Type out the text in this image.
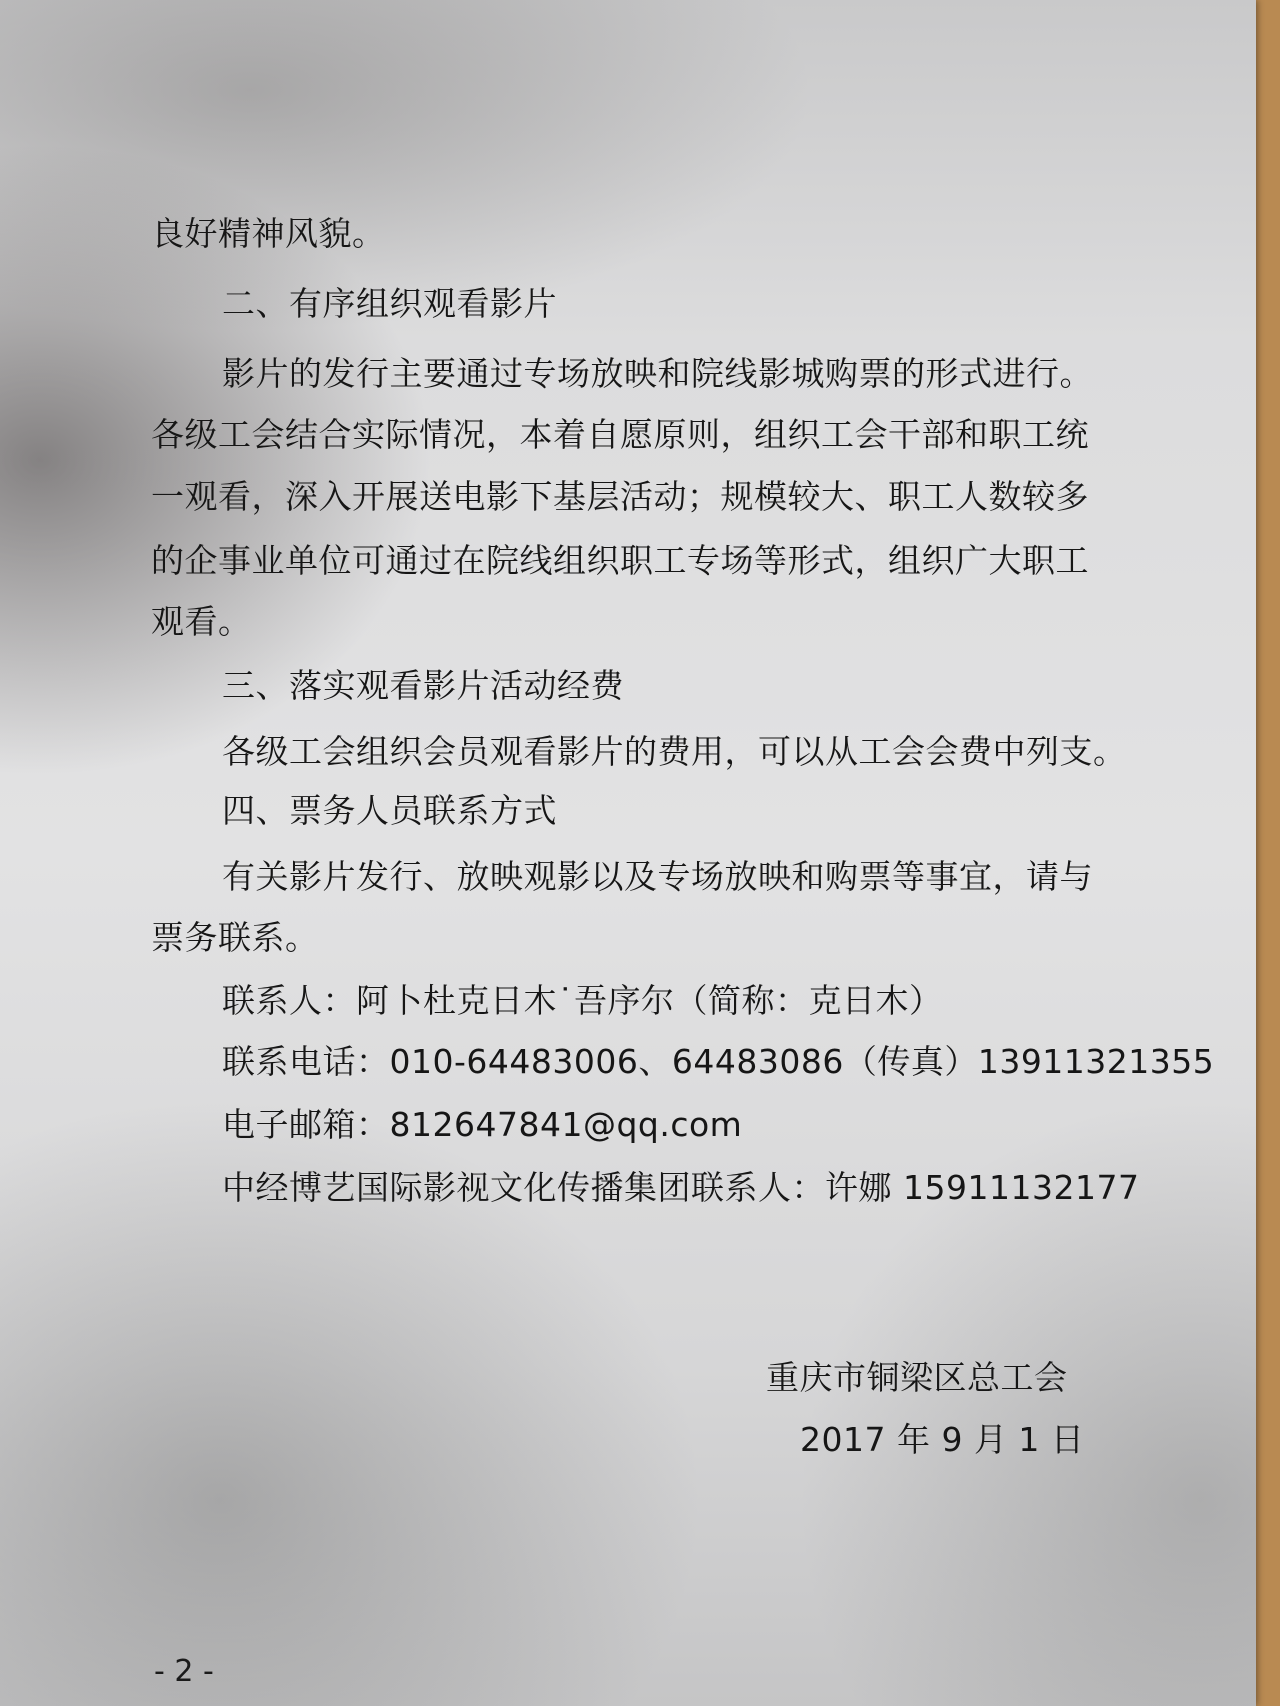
良好精神风貌。
二、有序组织观看影片
影片的发行主要通过专场放映和院线影城购票的形式进行。
各级工会结合实际情况，本着自愿原则，组织工会干部和职工统
一观看，深入开展送电影下基层活动；规模较大、职工人数较多
的企事业单位可通过在院线组织职工专场等形式，组织广大职工
观看。
三、落实观看影片活动经费
各级工会组织会员观看影片的费用，可以从工会会费中列支。
四、票务人员联系方式
有关影片发行、放映观影以及专场放映和购票等事宜，请与
票务联系。
联系人：阿卜杜克日木˙吾序尔（简称：克日木）
联系电话：010-64483006、64483086（传真）13911321355
电子邮箱：812647841@qq.com
中经博艺国际影视文化传播集团联系人：许娜 15911132177
重庆市铜梁区总工会
2017 年 9 月 1 日
- 2 -
